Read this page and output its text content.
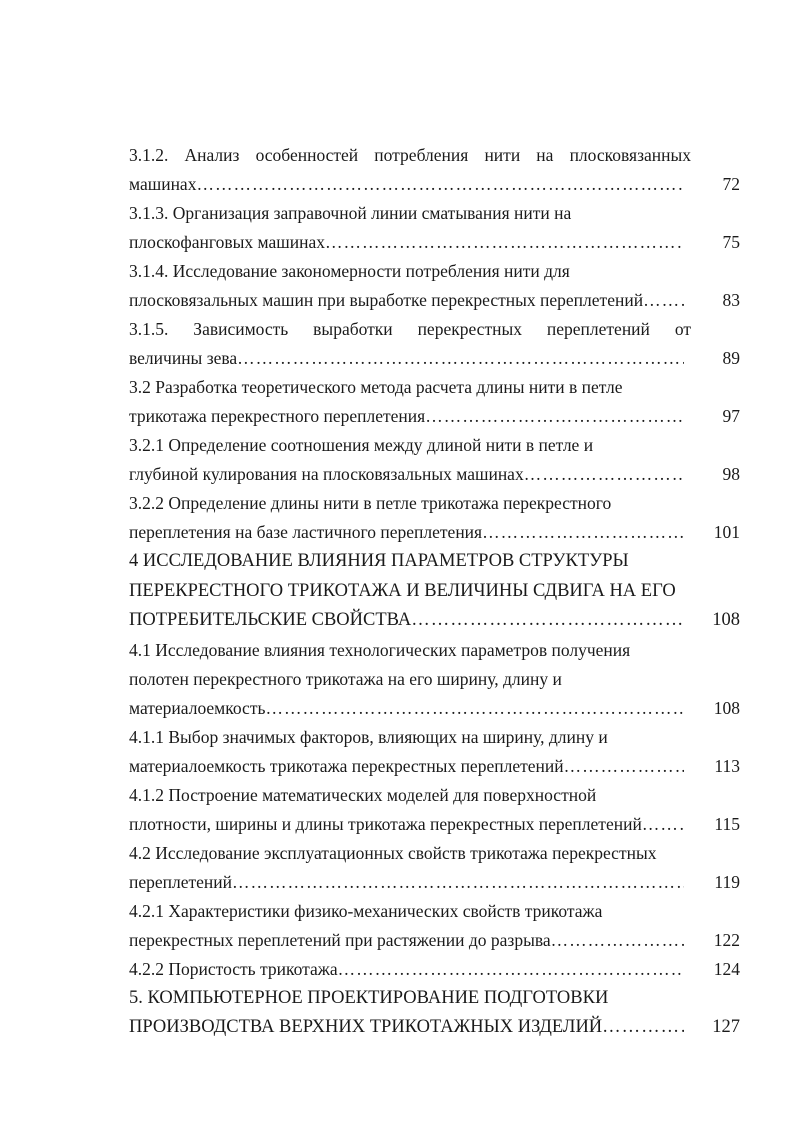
3.1.2. Анализ особенностей потребления нити на плосковязанных
машинах …………………………………………………………………………………………………………………………………………………………	72
3.1.3. Организация заправочной линии сматывания нити на
плоскофанговых машинах …………………………………………………………………………………………………………………………………………………………	75
3.1.4. Исследование закономерности потребления нити для
плосковязальных машин при выработке перекрестных переплетений …………………………………………………………………………………………………………………………………………………………	83
3.1.5. Зависимость выработки перекрестных переплетений от
величины зева …………………………………………………………………………………………………………………………………………………………	89
3.2 Разработка теоретического метода расчета длины нити в петле
трикотажа перекрестного переплетения …………………………………………………………………………………………………………………………………………………………	97
3.2.1 Определение соотношения между длиной нити в петле и
глубиной кулирования на плосковязальных машинах …………………………………………………………………………………………………………………………………………………………	98
3.2.2 Определение длины нити в петле трикотажа перекрестного
переплетения на базе ластичного переплетения …………………………………………………………………………………………………………………………………………………………	101
4 ИССЛЕДОВАНИЕ ВЛИЯНИЯ ПАРАМЕТРОВ СТРУКТУРЫ
ПЕРЕКРЕСТНОГО ТРИКОТАЖА И ВЕЛИЧИНЫ СДВИГА НА ЕГО
ПОТРЕБИТЕЛЬСКИЕ СВОЙСТВА …………………………………………………………………………………………………………………………………………………………	108
4.1 Исследование влияния технологических параметров получения
полотен перекрестного трикотажа на его ширину, длину и
материалоемкость …………………………………………………………………………………………………………………………………………………………	108
4.1.1 Выбор значимых факторов, влияющих на ширину, длину и
материалоемкость трикотажа перекрестных переплетений …………………………………………………………………………………………………………………………………………………………	113
4.1.2 Построение математических моделей для поверхностной
плотности, ширины и длины трикотажа перекрестных переплетений …………………………………………………………………………………………………………………………………………………………	115
4.2 Исследование эксплуатационных свойств трикотажа перекрестных
переплетений …………………………………………………………………………………………………………………………………………………………	119
4.2.1 Характеристики физико-механических свойств трикотажа
перекрестных переплетений при растяжении до разрыва …………………………………………………………………………………………………………………………………………………………	122
4.2.2 Пористость трикотажа …………………………………………………………………………………………………………………………………………………………	124
5. КОМПЬЮТЕРНОЕ ПРОЕКТИРОВАНИЕ ПОДГОТОВКИ
ПРОИЗВОДСТВА ВЕРХНИХ ТРИКОТАЖНЫХ ИЗДЕЛИЙ …………………………………………………………………………………………………………………………………………………………	127
